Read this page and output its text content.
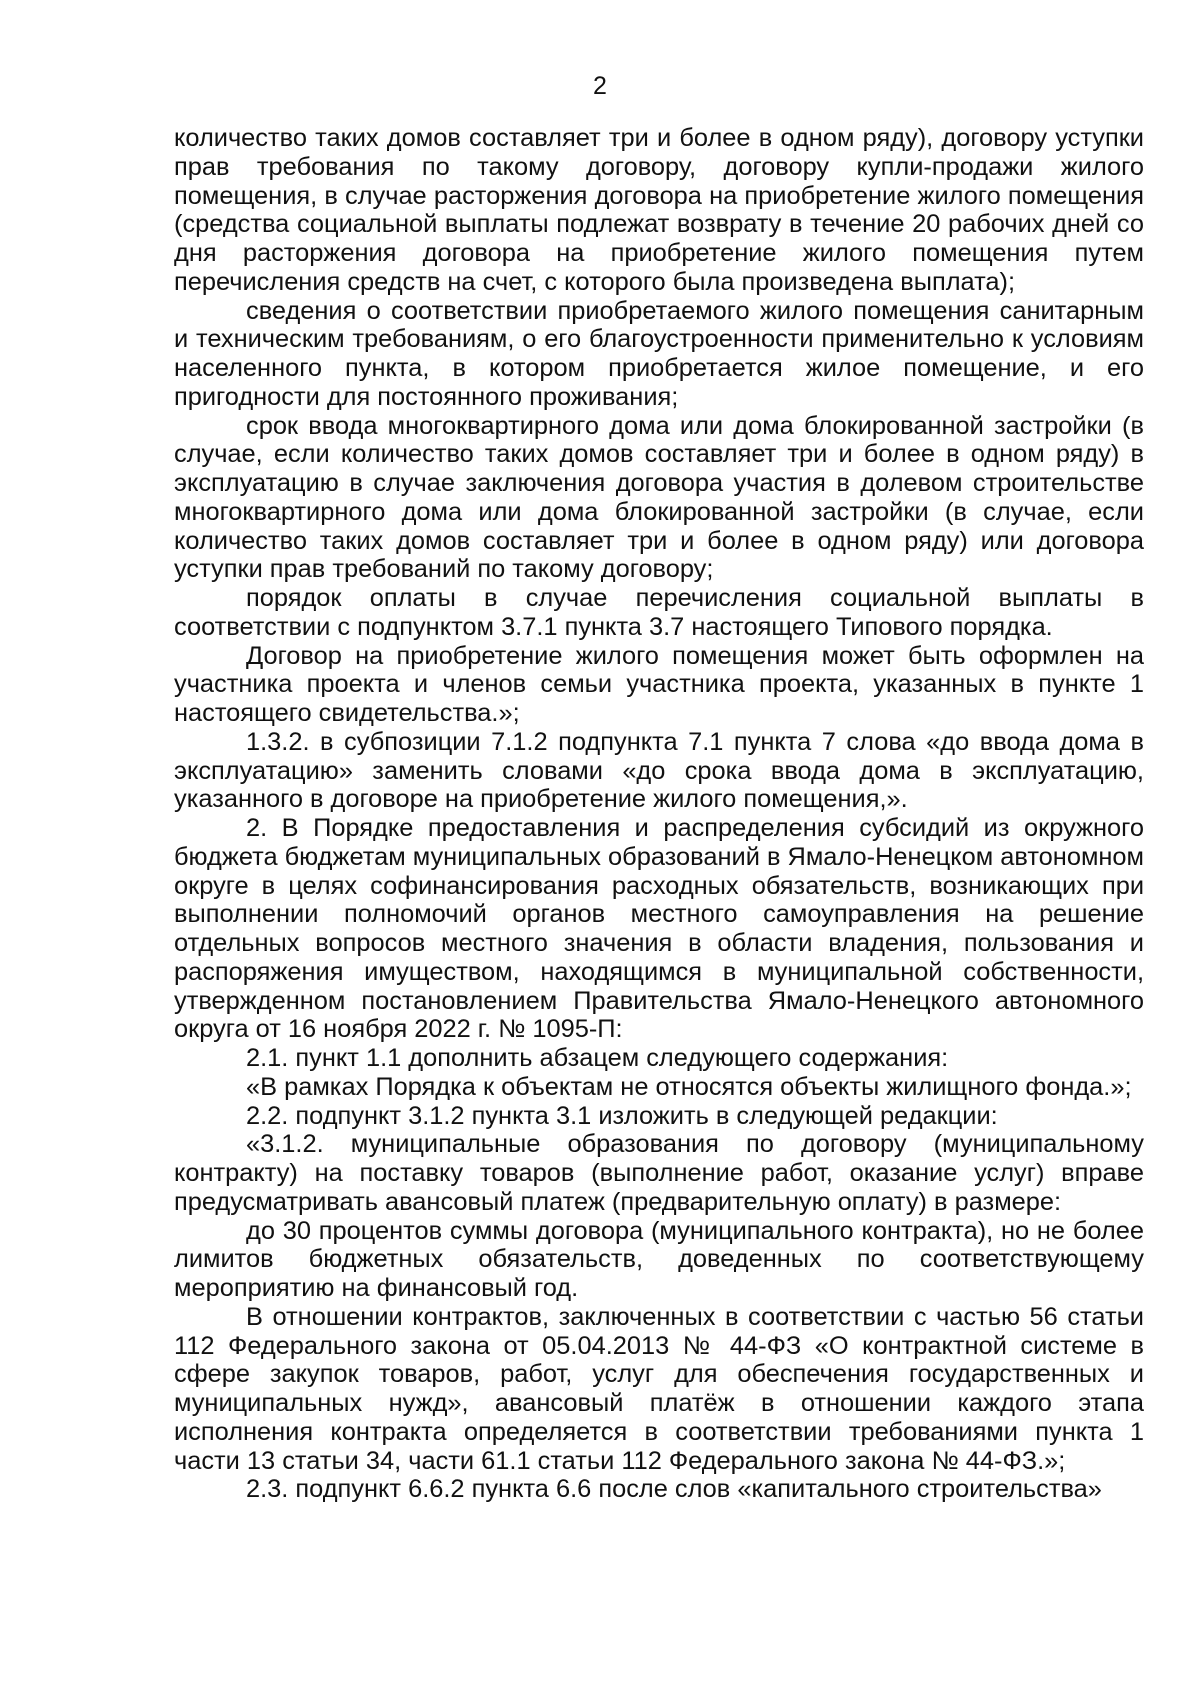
2

количество таких домов составляет три и более в одном ряду), договору уступки прав требования по такому договору, договору купли-продажи жилого помещения, в случае расторжения договора на приобретение жилого помещения (средства социальной выплаты подлежат возврату в течение 20 рабочих дней со дня расторжения договора на приобретение жилого помещения путем перечисления средств на счет, с которого была произведена выплата);

сведения о соответствии приобретаемого жилого помещения санитарным и техническим требованиям, о его благоустроенности применительно к условиям населенного пункта, в котором приобретается жилое помещение, и его пригодности для постоянного проживания;

срок ввода многоквартирного дома или дома блокированной застройки (в случае, если количество таких домов составляет три и более в одном ряду) в эксплуатацию в случае заключения договора участия в долевом строительстве многоквартирного дома или дома блокированной застройки (в случае, если количество таких домов составляет три и более в одном ряду) или договора уступки прав требований по такому договору;

порядок оплаты в случае перечисления социальной выплаты в соответствии с подпунктом 3.7.1 пункта 3.7 настоящего Типового порядка.

Договор на приобретение жилого помещения может быть оформлен на участника проекта и членов семьи участника проекта, указанных в пункте 1 настоящего свидетельства.»;

1.3.2. в субпозиции 7.1.2 подпункта 7.1 пункта 7 слова «до ввода дома в эксплуатацию» заменить словами «до срока ввода дома в эксплуатацию, указанного в договоре на приобретение жилого помещения,».

2. В Порядке предоставления и распределения субсидий из окружного бюджета бюджетам муниципальных образований в Ямало-Ненецком автономном округе в целях софинансирования расходных обязательств, возникающих при выполнении полномочий органов местного самоуправления на решение отдельных вопросов местного значения в области владения, пользования и распоряжения имуществом, находящимся в муниципальной собственности, утвержденном постановлением Правительства Ямало-Ненецкого автономного округа от 16 ноября 2022 г. № 1095-П:

2.1. пункт 1.1 дополнить абзацем следующего содержания:

«В рамках Порядка к объектам не относятся объекты жилищного фонда.»;

2.2. подпункт 3.1.2 пункта 3.1 изложить в следующей редакции:

«3.1.2. муниципальные образования по договору (муниципальному контракту) на поставку товаров (выполнение работ, оказание услуг) вправе предусматривать авансовый платеж (предварительную оплату) в размере:

до 30 процентов суммы договора (муниципального контракта), но не более лимитов бюджетных обязательств, доведенных по соответствующему мероприятию на финансовый год.

В отношении контрактов, заключенных в соответствии с частью 56 статьи 112 Федерального закона от 05.04.2013 № 44-ФЗ «О контрактной системе в сфере закупок товаров, работ, услуг для обеспечения государственных и муниципальных нужд», авансовый платёж в отношении каждого этапа исполнения контракта определяется в соответствии требованиями пункта 1 части 13 статьи 34, части 61.1 статьи 112 Федерального закона № 44-ФЗ.»;

2.3. подпункт 6.6.2 пункта 6.6 после слов «капитального строительства»
